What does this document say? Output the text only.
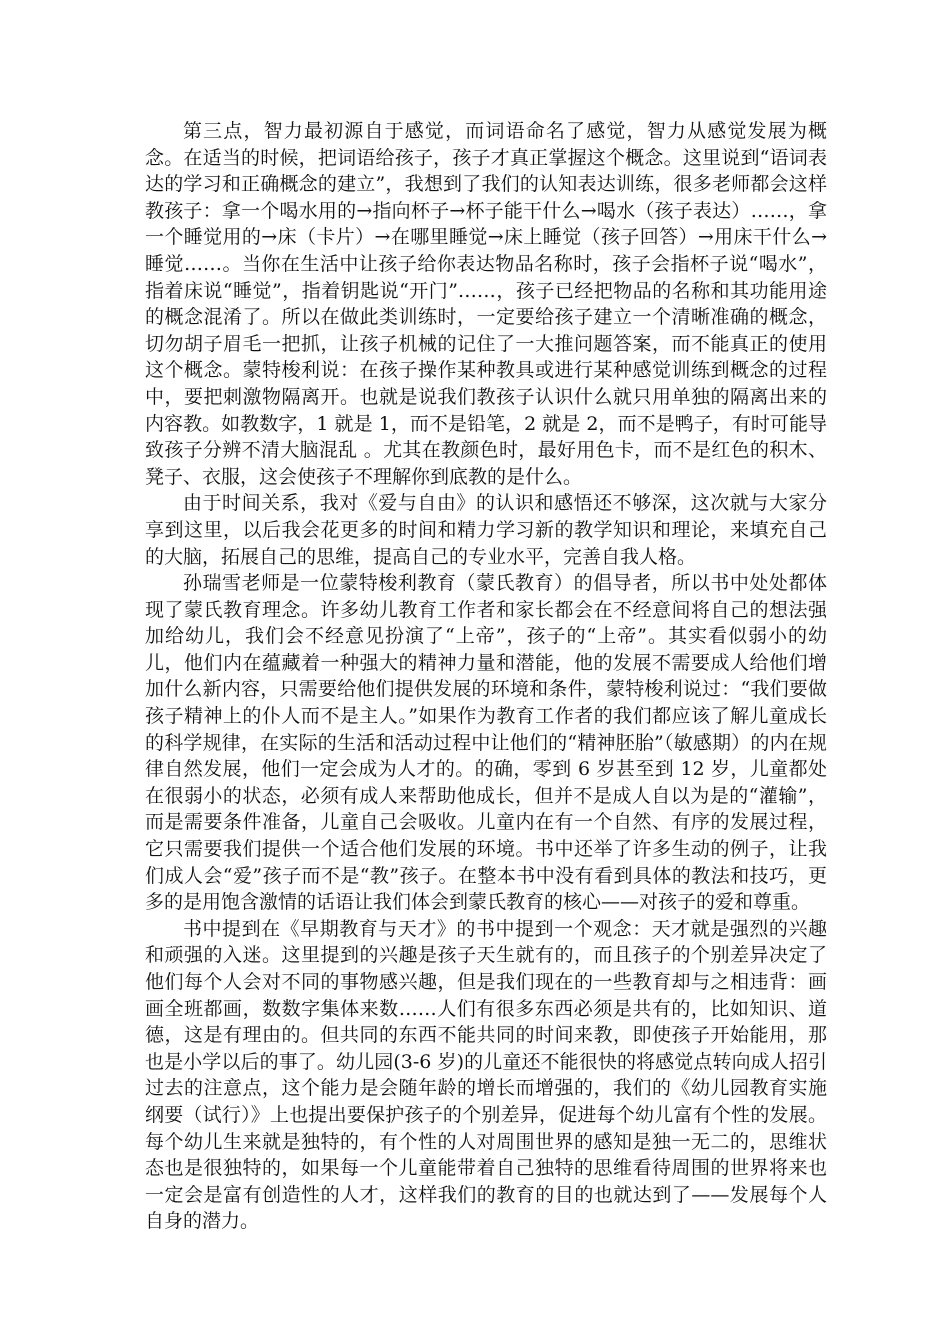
第三点，智力最初源自于感觉，而词语命名了感觉，智力从感觉发展为概念。在适当的时候，把词语给孩子，孩子才真正掌握这个概念。这里说到“语词表达的学习和正确概念的建立”，我想到了我们的认知表达训练，很多老师都会这样教孩子：拿一个喝水用的→指向杯子→杯子能干什么→喝水（孩子表达）……，拿一个睡觉用的→床（卡片）→在哪里睡觉→床上睡觉（孩子回答）→用床干什么→睡觉……。当你在生活中让孩子给你表达物品名称时，孩子会指杯子说“喝水”，指着床说“睡觉”，指着钥匙说“开门”……，孩子已经把物品的名称和其功能用途的概念混淆了。所以在做此类训练时，一定要给孩子建立一个清晰准确的概念，切勿胡子眉毛一把抓，让孩子机械的记住了一大推问题答案，而不能真正的使用这个概念。蒙特梭利说：在孩子操作某种教具或进行某种感觉训练到概念的过程中，要把刺激物隔离开。也就是说我们教孩子认识什么就只用单独的隔离出来的内容教。如教数字，1 就是 1，而不是铅笔，2 就是 2，而不是鸭子，有时可能导致孩子分辨不清大脑混乱 。尤其在教颜色时，最好用色卡，而不是红色的积木、凳子、衣服，这会使孩子不理解你到底教的是什么。

由于时间关系，我对《爱与自由》的认识和感悟还不够深，这次就与大家分享到这里，以后我会花更多的时间和精力学习新的教学知识和理论，来填充自己的大脑，拓展自己的思维，提高自己的专业水平，完善自我人格。

孙瑞雪老师是一位蒙特梭利教育（蒙氏教育）的倡导者，所以书中处处都体现了蒙氏教育理念。许多幼儿教育工作者和家长都会在不经意间将自己的想法强加给幼儿，我们会不经意见扮演了“上帝”，孩子的“上帝”。其实看似弱小的幼儿，他们内在蕴藏着一种强大的精神力量和潜能，他的发展不需要成人给他们增加什么新内容，只需要给他们提供发展的环境和条件，蒙特梭利说过：“我们要做孩子精神上的仆人而不是主人。”如果作为教育工作者的我们都应该了解儿童成长的科学规律，在实际的生活和活动过程中让他们的“精神胚胎”（敏感期）的内在规律自然发展，他们一定会成为人才的。的确，零到 6 岁甚至到 12 岁，儿童都处在很弱小的状态，必须有成人来帮助他成长，但并不是成人自以为是的“灌输”，而是需要条件准备，儿童自己会吸收。儿童内在有一个自然、有序的发展过程，它只需要我们提供一个适合他们发展的环境。书中还举了许多生动的例子，让我们成人会“爱”孩子而不是“教”孩子。在整本书中没有看到具体的教法和技巧，更多的是用饱含激情的话语让我们体会到蒙氏教育的核心——对孩子的爱和尊重。

书中提到在《早期教育与天才》的书中提到一个观念：天才就是强烈的兴趣和顽强的入迷。这里提到的兴趣是孩子天生就有的，而且孩子的个别差异决定了他们每个人会对不同的事物感兴趣，但是我们现在的一些教育却与之相违背：画画全班都画，数数字集体来数……人们有很多东西必须是共有的，比如知识、道德，这是有理由的。但共同的东西不能共同的时间来教，即使孩子开始能用，那也是小学以后的事了。幼儿园(3-6 岁)的儿童还不能很快的将感觉点转向成人招引过去的注意点，这个能力是会随年龄的增长而增强的，我们的《幼儿园教育实施纲要（试行）》上也提出要保护孩子的个别差异，促进每个幼儿富有个性的发展。每个幼儿生来就是独特的，有个性的人对周围世界的感知是独一无二的，思维状态也是很独特的，如果每一个儿童能带着自己独特的思维看待周围的世界将来也一定会是富有创造性的人才，这样我们的教育的目的也就达到了——发展每个人自身的潜力。
